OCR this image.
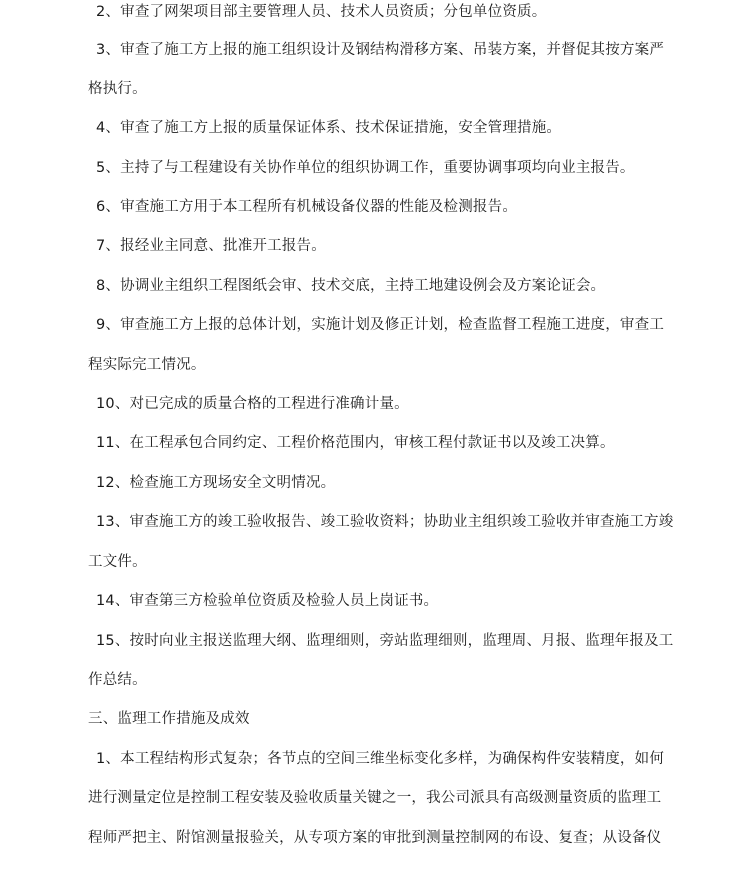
2、审查了网架项目部主要管理人员、技术人员资质；分包单位资质。
3、审查了施工方上报的施工组织设计及钢结构滑移方案、吊装方案，并督促其按方案严
格执行。
4、审查了施工方上报的质量保证体系、技术保证措施，安全管理措施。
5、主持了与工程建设有关协作单位的组织协调工作，重要协调事项均向业主报告。
6、审查施工方用于本工程所有机械设备仪器的性能及检测报告。
7、报经业主同意、批准开工报告。
8、协调业主组织工程图纸会审、技术交底，主持工地建设例会及方案论证会。
9、审查施工方上报的总体计划，实施计划及修正计划，检查监督工程施工进度，审查工
程实际完工情况。
10、对已完成的质量合格的工程进行准确计量。
11、在工程承包合同约定、工程价格范围内，审核工程付款证书以及竣工决算。
12、检查施工方现场安全文明情况。
13、审查施工方的竣工验收报告、竣工验收资料；协助业主组织竣工验收并审查施工方竣
工文件。
14、审查第三方检验单位资质及检验人员上岗证书。
15、按时向业主报送监理大纲、监理细则，旁站监理细则，监理周、月报、监理年报及工
作总结。
三、监理工作措施及成效
1、本工程结构形式复杂；各节点的空间三维坐标变化多样，为确保构件安装精度，如何
进行测量定位是控制工程安装及验收质量关键之一，我公司派具有高级测量资质的监理工
程师严把主、附馆测量报验关，从专项方案的审批到测量控制网的布设、复查；从设备仪
